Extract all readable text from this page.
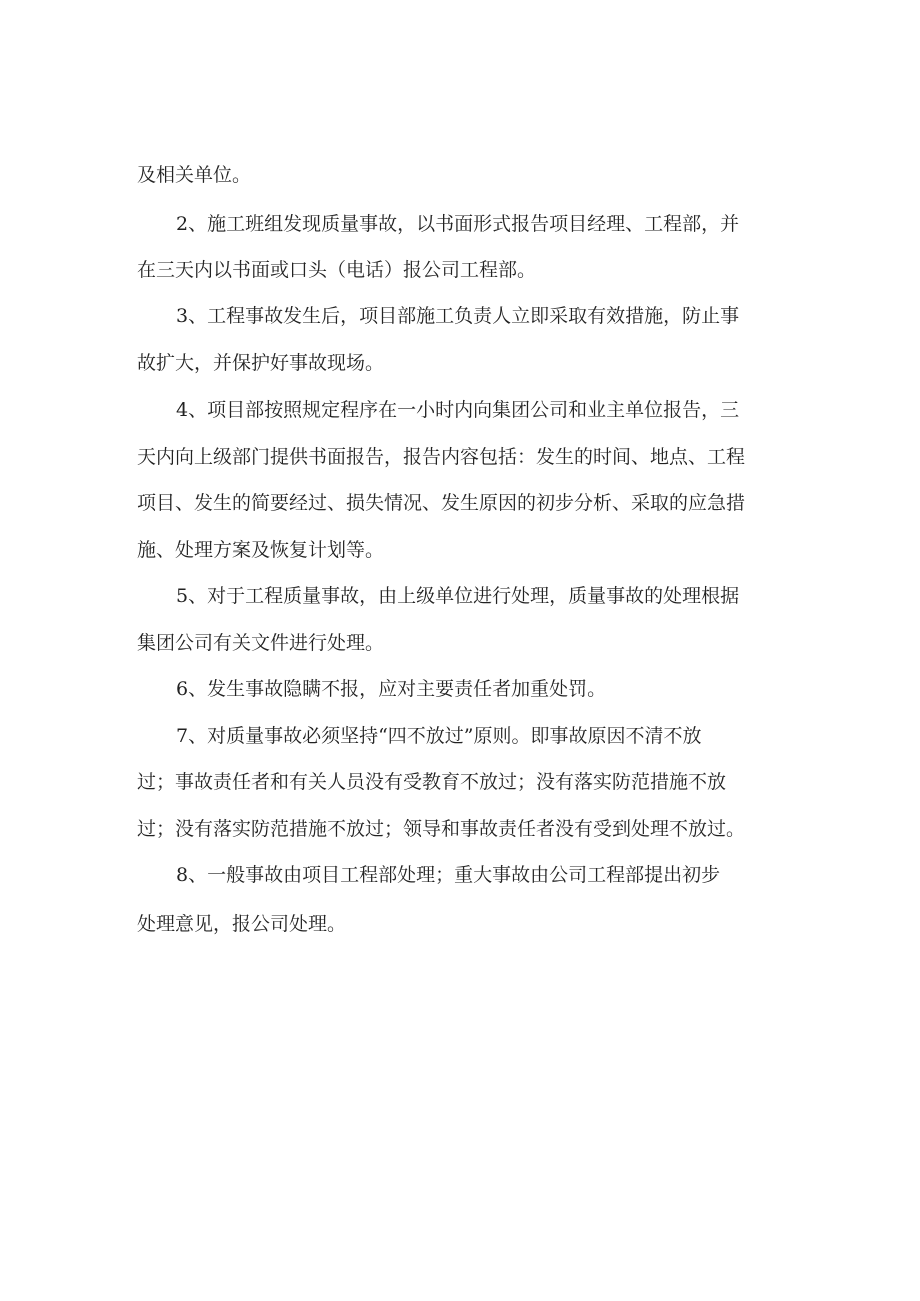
及相关单位。

2、施工班组发现质量事故，以书面形式报告项目经理、工程部，并

在三天内以书面或口头（电话）报公司工程部。

3、工程事故发生后，项目部施工负责人立即采取有效措施，防止事

故扩大，并保护好事故现场。

4、项目部按照规定程序在一小时内向集团公司和业主单位报告，三

天内向上级部门提供书面报告，报告内容包括：发生的时间、地点、工程

项目、发生的简要经过、损失情况、发生原因的初步分析、采取的应急措

施、处理方案及恢复计划等。

5、对于工程质量事故，由上级单位进行处理，质量事故的处理根据

集团公司有关文件进行处理。

6、发生事故隐瞒不报，应对主要责任者加重处罚。

7、对质量事故必须坚持“四不放过”原则。即事故原因不清不放

过；事故责任者和有关人员没有受教育不放过；没有落实防范措施不放

过；没有落实防范措施不放过；领导和事故责任者没有受到处理不放过。

8、一般事故由项目工程部处理；重大事故由公司工程部提出初步

处理意见，报公司处理。
